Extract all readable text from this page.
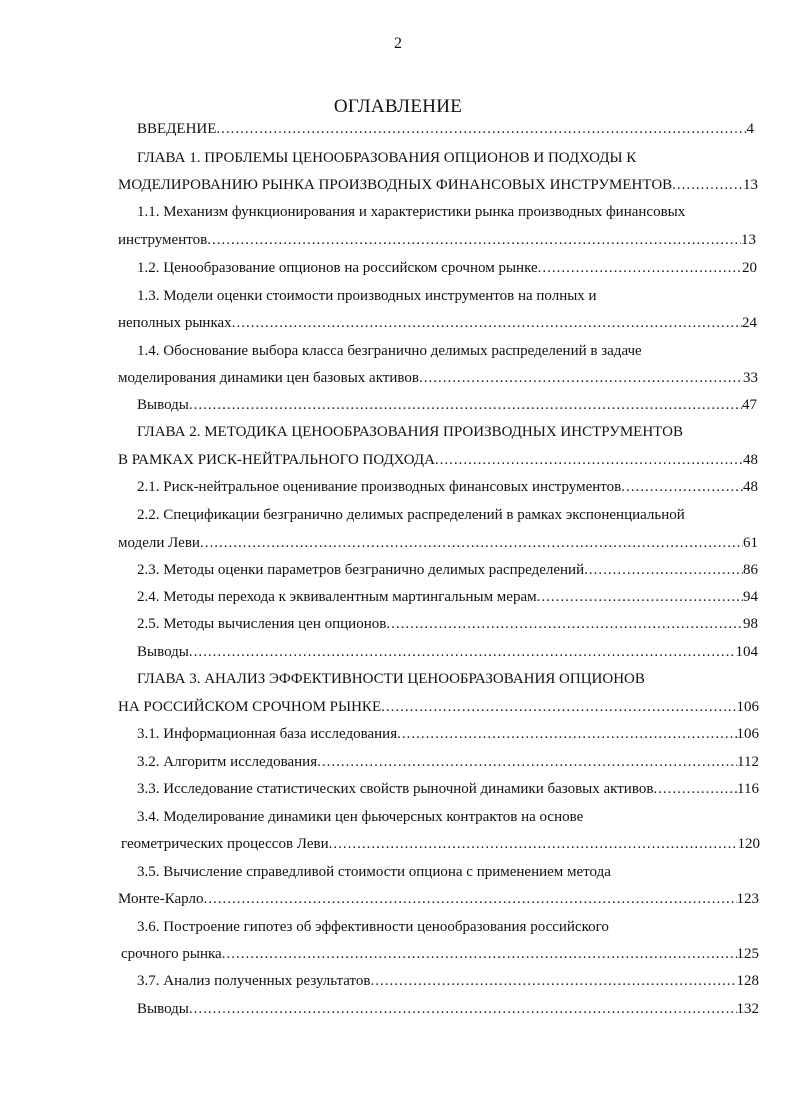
2
ОГЛАВЛЕНИЕ
ВВЕДЕНИЕ .....	4
ГЛАВА 1. ПРОБЛЕМЫ ЦЕНООБРАЗОВАНИЯ ОПЦИОНОВ И ПОДХОДЫ К
МОДЕЛИРОВАНИЮ РЫНКА ПРОИЗВОДНЫХ ФИНАНСОВЫХ ИНСТРУМЕНТОВ .....	13
1.1. Механизм функционирования и характеристики рынка производных финансовых
инструментов .....	13
1.2. Ценообразование опционов на российском срочном рынке .....	20
1.3. Модели оценки стоимости производных инструментов на полных и
неполных рынках .....	24
1.4. Обоснование выбора класса безгранично делимых распределений в задаче
моделирования динамики цен базовых активов .....	33
Выводы .....	47
ГЛАВА 2. МЕТОДИКА ЦЕНООБРАЗОВАНИЯ ПРОИЗВОДНЫХ ИНСТРУМЕНТОВ
В РАМКАХ РИСК-НЕЙТРАЛЬНОГО ПОДХОДА .....	48
2.1. Риск-нейтральное оценивание производных финансовых инструментов .....	48
2.2. Спецификации безгранично делимых распределений в рамках экспоненциальной
модели Леви .....	61
2.3. Методы оценки параметров безгранично делимых распределений .....	86
2.4. Методы перехода к эквивалентным мартингальным мерам .....	94
2.5. Методы вычисления цен опционов .....	98
Выводы .....	104
ГЛАВА 3. АНАЛИЗ ЭФФЕКТИВНОСТИ ЦЕНООБРАЗОВАНИЯ ОПЦИОНОВ
НА РОССИЙСКОМ СРОЧНОМ РЫНКЕ .....	106
3.1. Информационная база исследования .....	106
3.2. Алгоритм исследования .....	112
3.3. Исследование статистических свойств рыночной динамики базовых активов .....	116
3.4. Моделирование динамики цен фьючерсных контрактов на основе
геометрических процессов Леви .....	120
3.5. Вычисление справедливой стоимости опциона с применением метода
Монте-Карло .....	123
3.6. Построение гипотез об эффективности ценообразования российского
срочного рынка .....	125
3.7. Анализ полученных результатов .....	128
Выводы .....	132
